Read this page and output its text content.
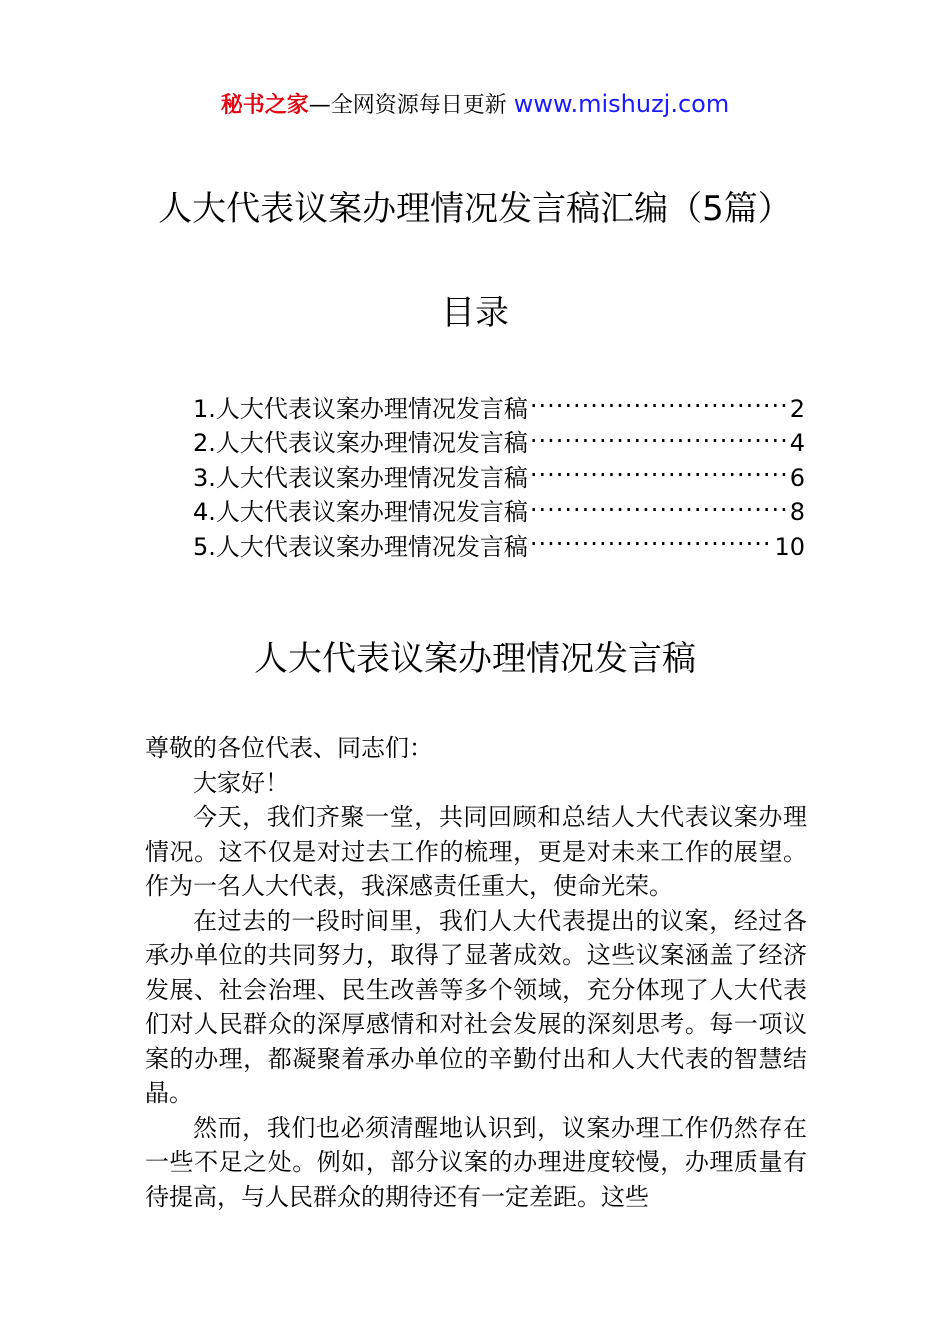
秘书之家—全网资源每日更新 www.mishuzj.com
人大代表议案办理情况发言稿汇编（5篇）
目录
1.人大代表议案办理情况发言稿 .....	2
2.人大代表议案办理情况发言稿 .....	4
3.人大代表议案办理情况发言稿 .....	6
4.人大代表议案办理情况发言稿 .....	8
5.人大代表议案办理情况发言稿 .....	10
人大代表议案办理情况发言稿

尊敬的各位代表、同志们：

大家好！

今天，我们齐聚一堂，共同回顾和总结人大代表议案办理情况。这不仅是对过去工作的梳理，更是对未来工作的展望。作为一名人大代表，我深感责任重大，使命光荣。

在过去的一段时间里，我们人大代表提出的议案，经过各承办单位的共同努力，取得了显著成效。这些议案涵盖了经济发展、社会治理、民生改善等多个领域，充分体现了人大代表们对人民群众的深厚感情和对社会发展的深刻思考。每一项议案的办理，都凝聚着承办单位的辛勤付出和人大代表的智慧结晶。

然而，我们也必须清醒地认识到，议案办理工作仍然存在一些不足之处。例如，部分议案的办理进度较慢，办理质量有待提高，与人民群众的期待还有一定差距。这些
